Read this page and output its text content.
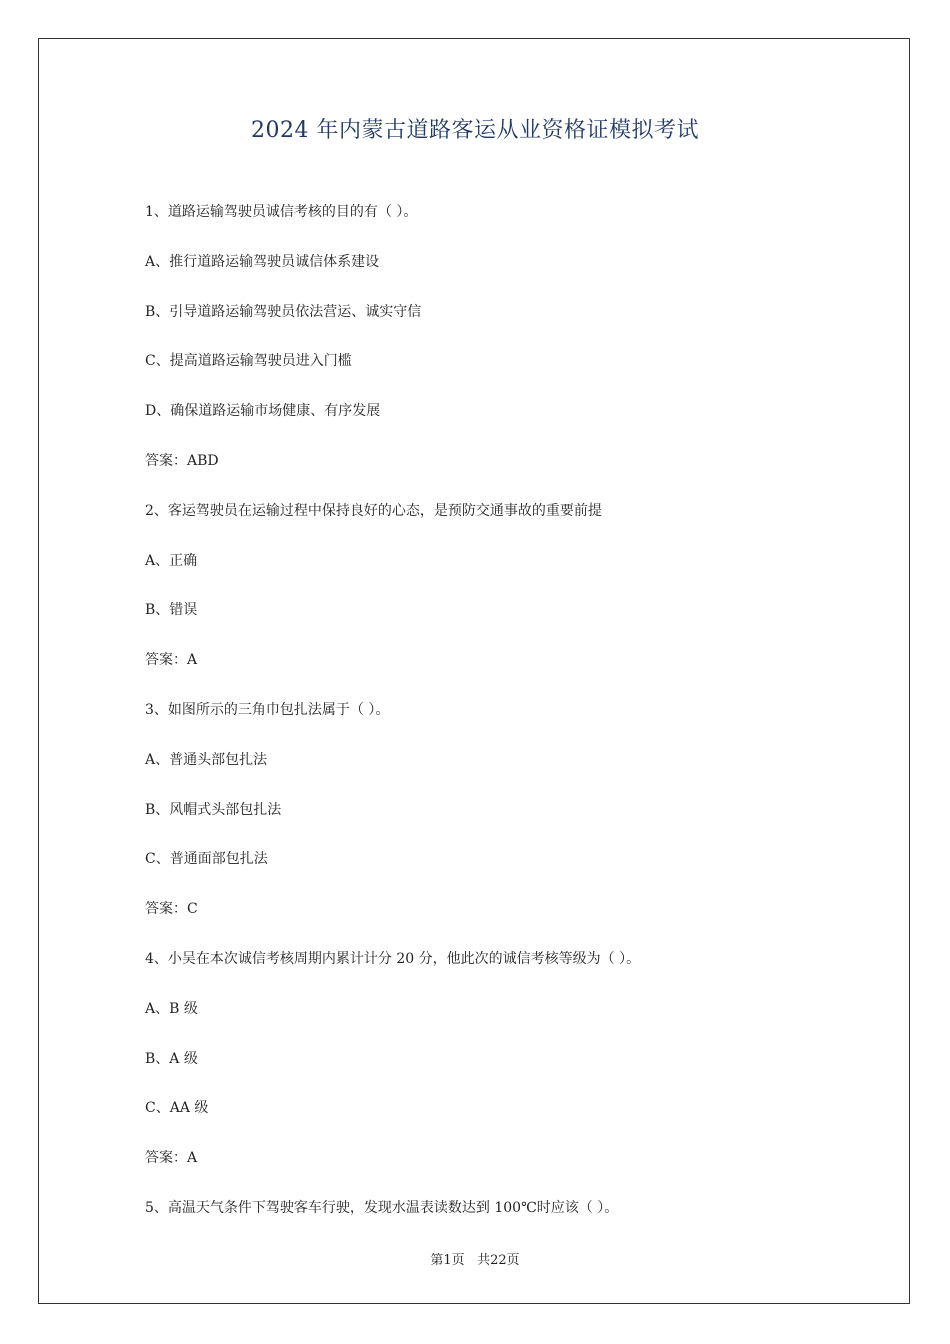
2024 年内蒙古道路客运从业资格证模拟考试

1、道路运输驾驶员诚信考核的目的有（ ）。

A、推行道路运输驾驶员诚信体系建设

B、引导道路运输驾驶员依法营运、诚实守信

C、提高道路运输驾驶员进入门槛

D、确保道路运输市场健康、有序发展

答案：ABD

2、客运驾驶员在运输过程中保持良好的心态，是预防交通事故的重要前提

A、正确

B、错误

答案：A

3、如图所示的三角巾包扎法属于（ ）。

A、普通头部包扎法

B、风帽式头部包扎法

C、普通面部包扎法

答案：C

4、小吴在本次诚信考核周期内累计计分 20 分，他此次的诚信考核等级为（ ）。

A、B 级

B、A 级

C、AA 级

答案：A

5、高温天气条件下驾驶客车行驶，发现水温表读数达到 100℃时应该（ ）。

第1页 共22页
